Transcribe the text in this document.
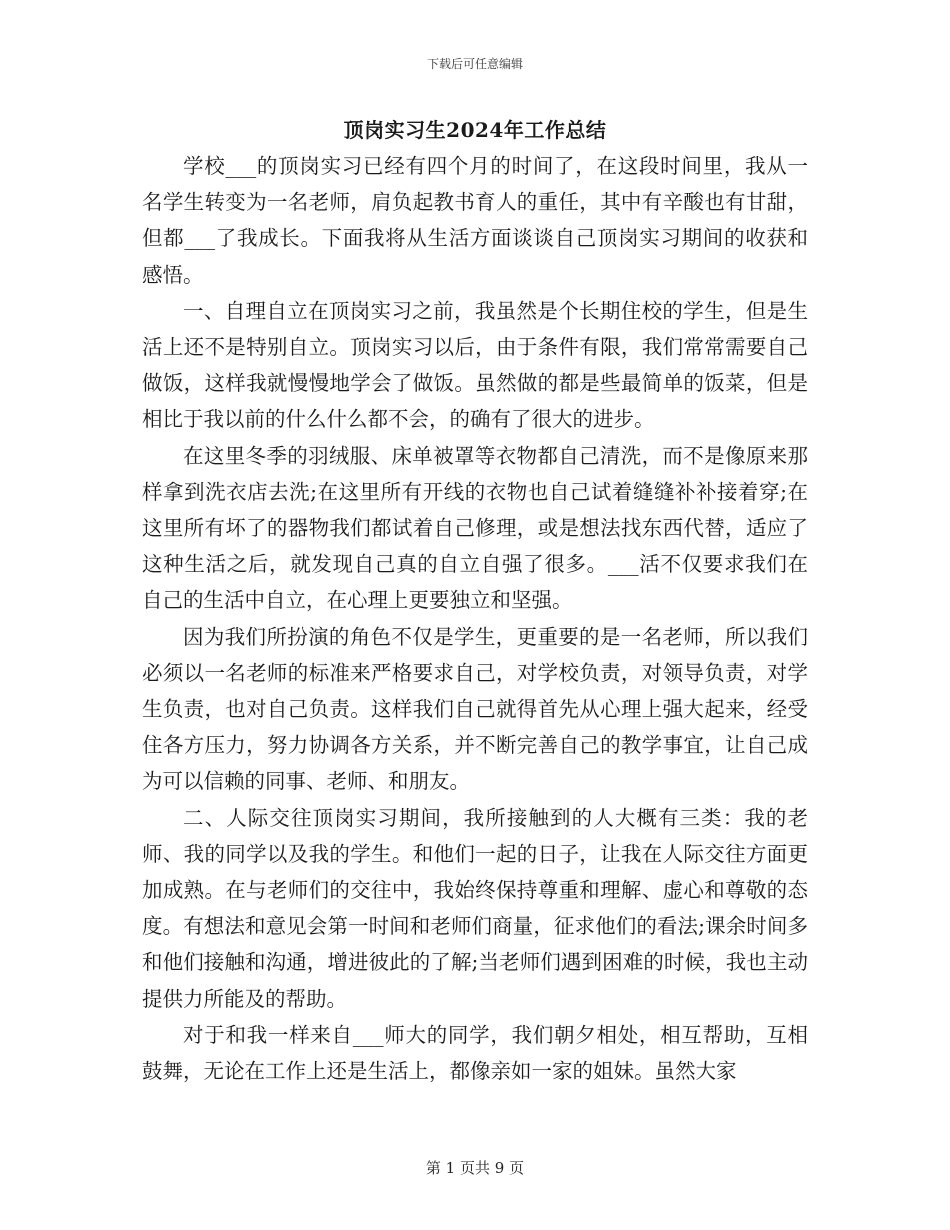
下载后可任意编辑
顶岗实习生2024年工作总结

学校___的顶岗实习已经有四个月的时间了，在这段时间里，我从一名学生转变为一名老师，肩负起教书育人的重任，其中有辛酸也有甘甜，但都___了我成长。下面我将从生活方面谈谈自己顶岗实习期间的收获和感悟。

一、自理自立在顶岗实习之前，我虽然是个长期住校的学生，但是生活上还不是特别自立。顶岗实习以后，由于条件有限，我们常常需要自己做饭，这样我就慢慢地学会了做饭。虽然做的都是些最简单的饭菜，但是相比于我以前的什么什么都不会，的确有了很大的进步。

在这里冬季的羽绒服、床单被罩等衣物都自己清洗，而不是像原来那样拿到洗衣店去洗;在这里所有开线的衣物也自己试着缝缝补补接着穿;在这里所有坏了的器物我们都试着自己修理，或是想法找东西代替，适应了这种生活之后，就发现自己真的自立自强了很多。___活不仅要求我们在自己的生活中自立，在心理上更要独立和坚强。

因为我们所扮演的角色不仅是学生，更重要的是一名老师，所以我们必须以一名老师的标准来严格要求自己，对学校负责，对领导负责，对学生负责，也对自己负责。这样我们自己就得首先从心理上强大起来，经受住各方压力，努力协调各方关系，并不断完善自己的教学事宜，让自己成为可以信赖的同事、老师、和朋友。

二、人际交往顶岗实习期间，我所接触到的人大概有三类：我的老师、我的同学以及我的学生。和他们一起的日子，让我在人际交往方面更加成熟。在与老师们的交往中，我始终保持尊重和理解、虚心和尊敬的态度。有想法和意见会第一时间和老师们商量，征求他们的看法;课余时间多和他们接触和沟通，增进彼此的了解;当老师们遇到困难的时候，我也主动提供力所能及的帮助。

对于和我一样来自___师大的同学，我们朝夕相处，相互帮助，互相鼓舞，无论在工作上还是生活上，都像亲如一家的姐妹。虽然大家

第 1 页共 9 页
